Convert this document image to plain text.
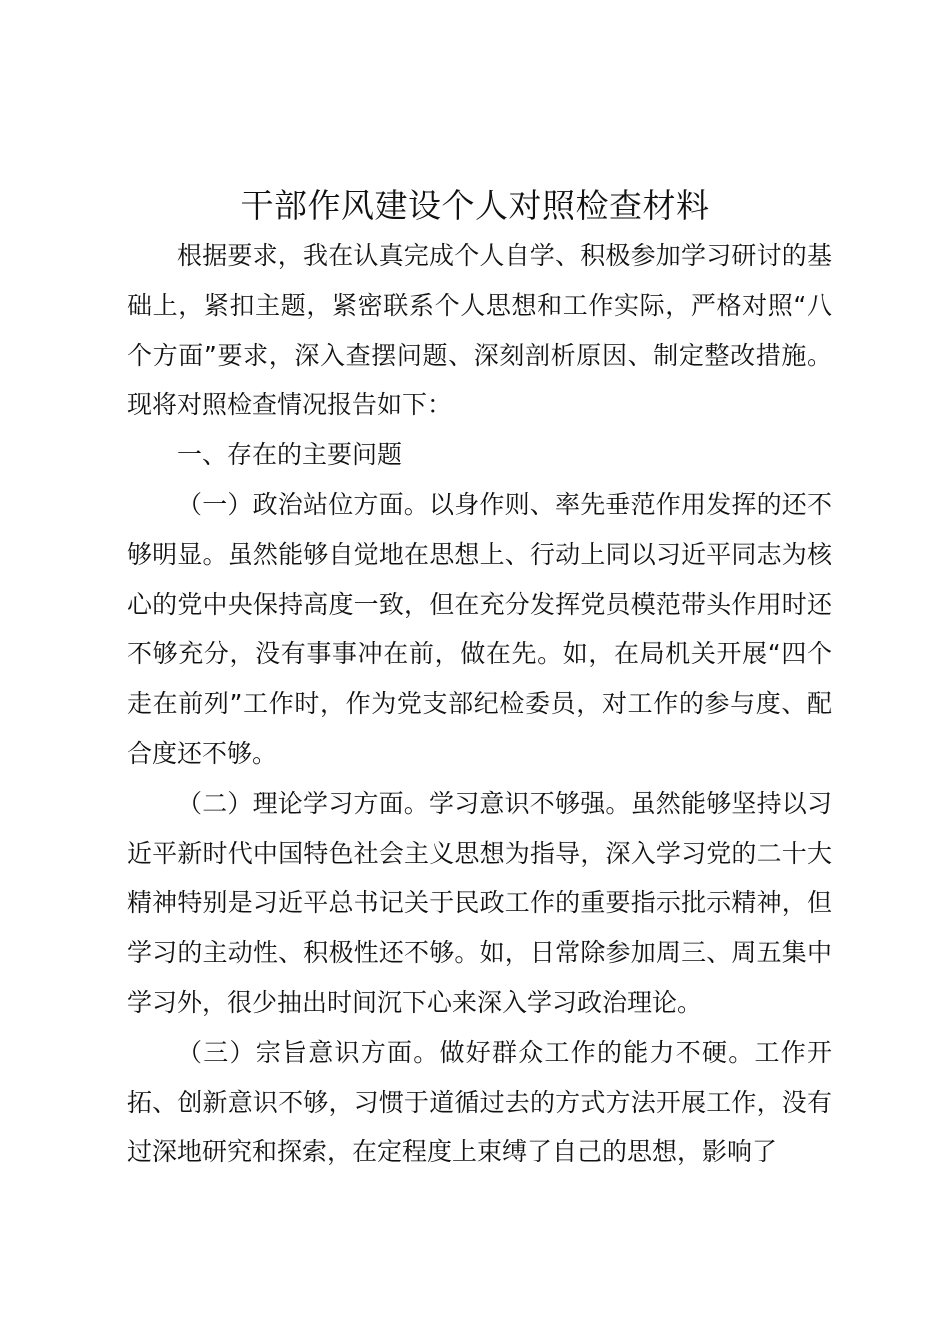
干部作风建设个人对照检查材料

根据要求，我在认真完成个人自学、积极参加学习研讨的基础上，紧扣主题，紧密联系个人思想和工作实际，严格对照“八个方面”要求，深入查摆问题、深刻剖析原因、制定整改措施。现将对照检查情况报告如下：

一、存在的主要问题

（一）政治站位方面。以身作则、率先垂范作用发挥的还不够明显。虽然能够自觉地在思想上、行动上同以习近平同志为核心的党中央保持高度一致，但在充分发挥党员模范带头作用时还不够充分，没有事事冲在前，做在先。如，在局机关开展“四个走在前列”工作时，作为党支部纪检委员，对工作的参与度、配合度还不够。

（二）理论学习方面。学习意识不够强。虽然能够坚持以习近平新时代中国特色社会主义思想为指导，深入学习党的二十大精神特别是习近平总书记关于民政工作的重要指示批示精神，但学习的主动性、积极性还不够。如，日常除参加周三、周五集中学习外，很少抽出时间沉下心来深入学习政治理论。

（三）宗旨意识方面。做好群众工作的能力不硬。工作开拓、创新意识不够，习惯于道循过去的方式方法开展工作，没有过深地研究和探索，在定程度上束缚了自己的思想，影响了
